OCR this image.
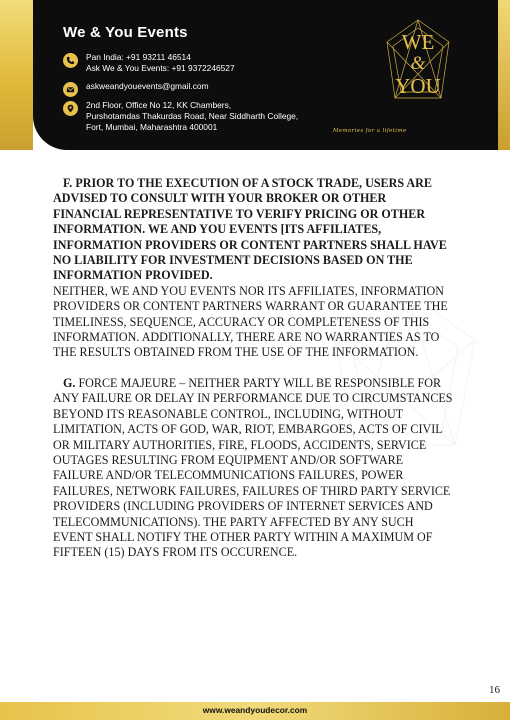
We & You Events
Pan India: +91 93211 46514
Ask We & You Events: +91 9372246527
askweandyouevents@gmail.com
2nd Floor, Office No 12, KK Chambers,
Purshotamdas Thakurdas Road, Near Siddharth College,
Fort, Mumbai, Maharashtra 400001
WE
&
YOU
Memories for a lifetime

F. PRIOR TO THE EXECUTION OF A STOCK TRADE, USERS ARE ADVISED TO CONSULT WITH YOUR BROKER OR OTHER FINANCIAL REPRESENTATIVE TO VERIFY PRICING OR OTHER INFORMATION. WE AND YOU EVENTS [ITS AFFILIATES, INFORMATION PROVIDERS OR CONTENT PARTNERS SHALL HAVE NO LIABILITY FOR INVESTMENT DECISIONS BASED ON THE INFORMATION PROVIDED.

NEITHER, WE AND YOU EVENTS NOR ITS AFFILIATES, INFORMATION PROVIDERS OR CONTENT PARTNERS WARRANT OR GUARANTEE THE TIMELINESS, SEQUENCE, ACCURACY OR COMPLETENESS OF THIS INFORMATION. ADDITIONALLY, THERE ARE NO WARRANTIES AS TO THE RESULTS OBTAINED FROM THE USE OF THE INFORMATION.

G. FORCE MAJEURE – NEITHER PARTY WILL BE RESPONSIBLE FOR ANY FAILURE OR DELAY IN PERFORMANCE DUE TO CIRCUMSTANCES BEYOND ITS REASONABLE CONTROL, INCLUDING, WITHOUT LIMITATION, ACTS OF GOD, WAR, RIOT, EMBARGOES, ACTS OF CIVIL OR MILITARY AUTHORITIES, FIRE, FLOODS, ACCIDENTS, SERVICE OUTAGES RESULTING FROM EQUIPMENT AND/OR SOFTWARE FAILURE AND/OR TELECOMMUNICATIONS FAILURES, POWER FAILURES, NETWORK FAILURES, FAILURES OF THIRD PARTY SERVICE PROVIDERS (INCLUDING PROVIDERS OF INTERNET SERVICES AND TELECOMMUNICATIONS). THE PARTY AFFECTED BY ANY SUCH EVENT SHALL NOTIFY THE OTHER PARTY WITHIN A MAXIMUM OF FIFTEEN (15) DAYS FROM ITS OCCURENCE.

16
www.weandyoudecor.com
